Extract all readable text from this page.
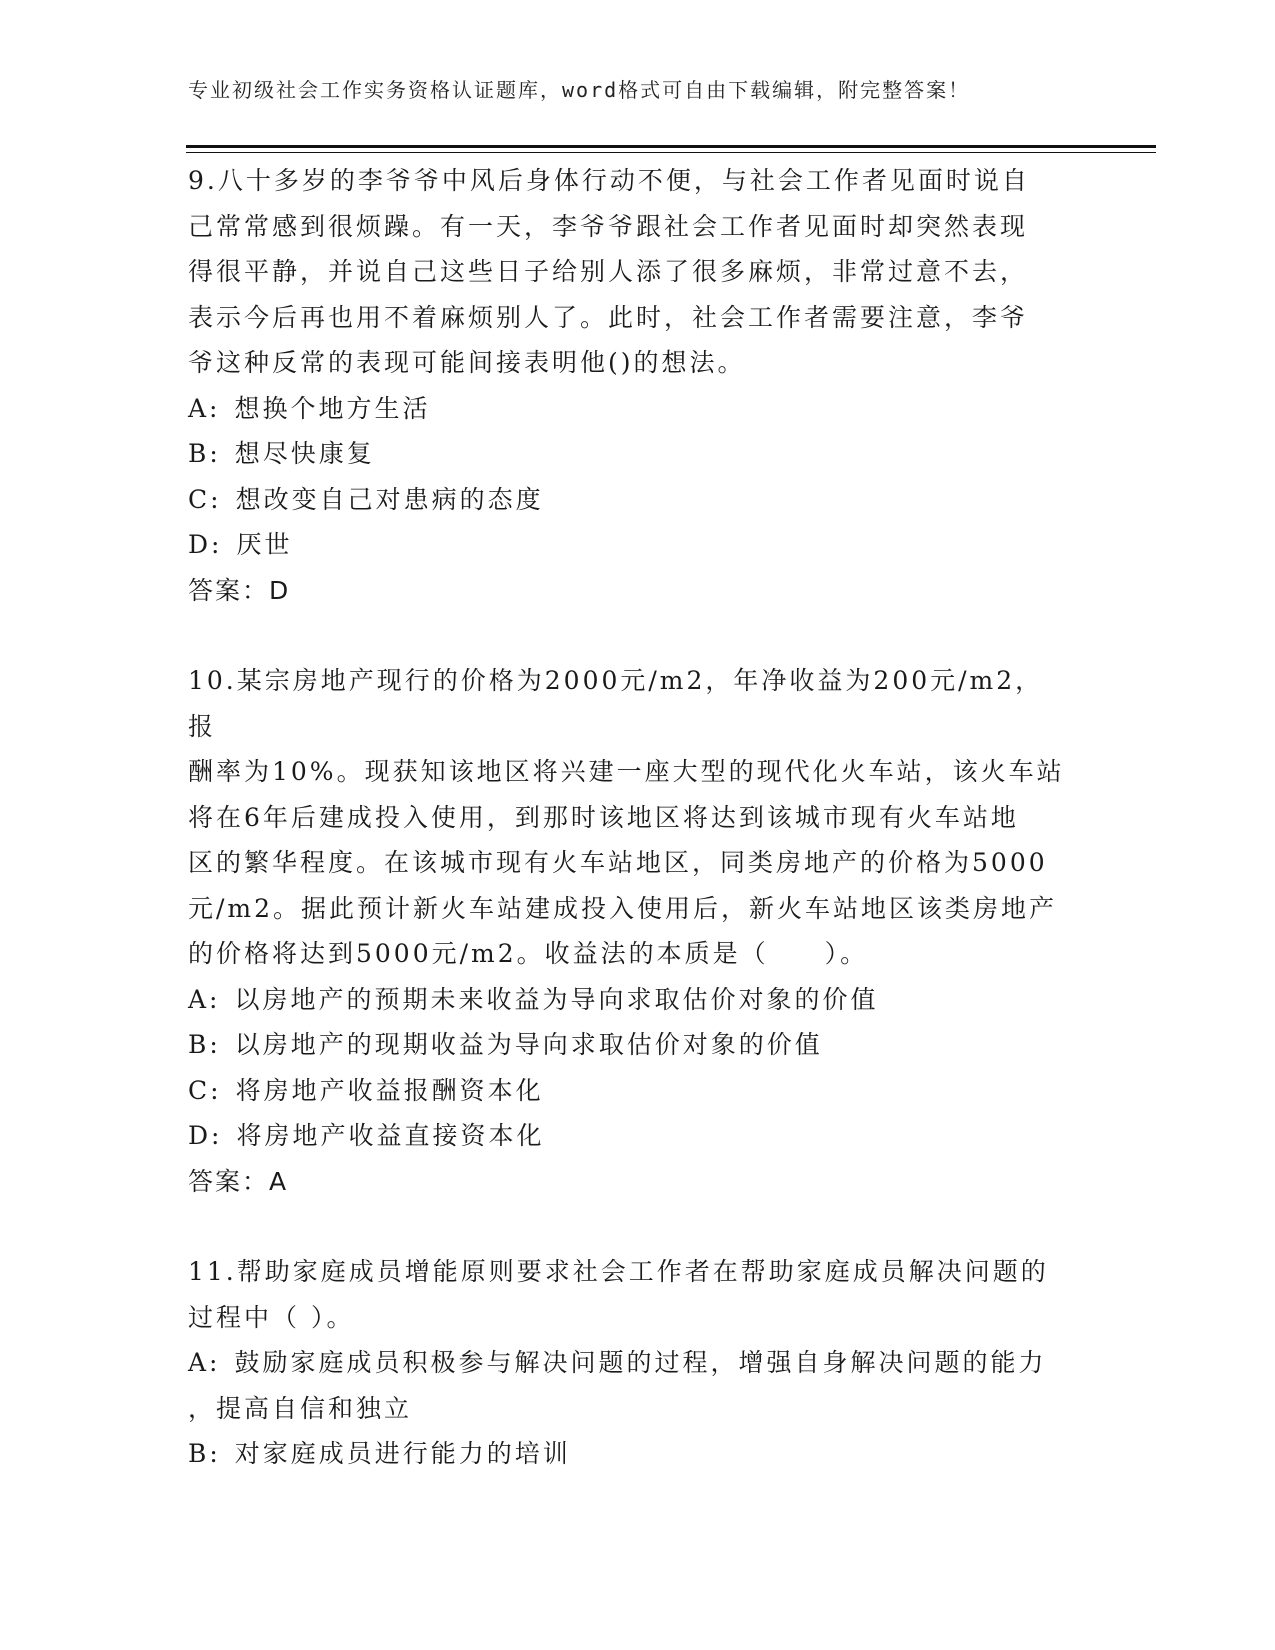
专业初级社会工作实务资格认证题库，word格式可自由下载编辑，附完整答案！

9.八十多岁的李爷爷中风后身体行动不便，与社会工作者见面时说自

己常常感到很烦躁。有一天，李爷爷跟社会工作者见面时却突然表现

得很平静，并说自己这些日子给别人添了很多麻烦，非常过意不去，

表示今后再也用不着麻烦别人了。此时，社会工作者需要注意，李爷

爷这种反常的表现可能间接表明他()的想法。

A: 想换个地方生活

B: 想尽快康复

C: 想改变自己对患病的态度

D: 厌世

答案：D

10.某宗房地产现行的价格为2000元/m2，年净收益为200元/m2，报

酬率为10%。现获知该地区将兴建一座大型的现代化火车站，该火车站

将在6年后建成投入使用，到那时该地区将达到该城市现有火车站地

区的繁华程度。在该城市现有火车站地区，同类房地产的价格为5000

元/m2。据此预计新火车站建成投入使用后，新火车站地区该类房地产

的价格将达到5000元/m2。收益法的本质是（　　）。

A: 以房地产的预期未来收益为导向求取估价对象的价值

B: 以房地产的现期收益为导向求取估价对象的价值

C: 将房地产收益报酬资本化

D: 将房地产收益直接资本化

答案：A

11.帮助家庭成员增能原则要求社会工作者在帮助家庭成员解决问题的

过程中（ ）。

A: 鼓励家庭成员积极参与解决问题的过程，增强自身解决问题的能力

，提高自信和独立

B: 对家庭成员进行能力的培训
